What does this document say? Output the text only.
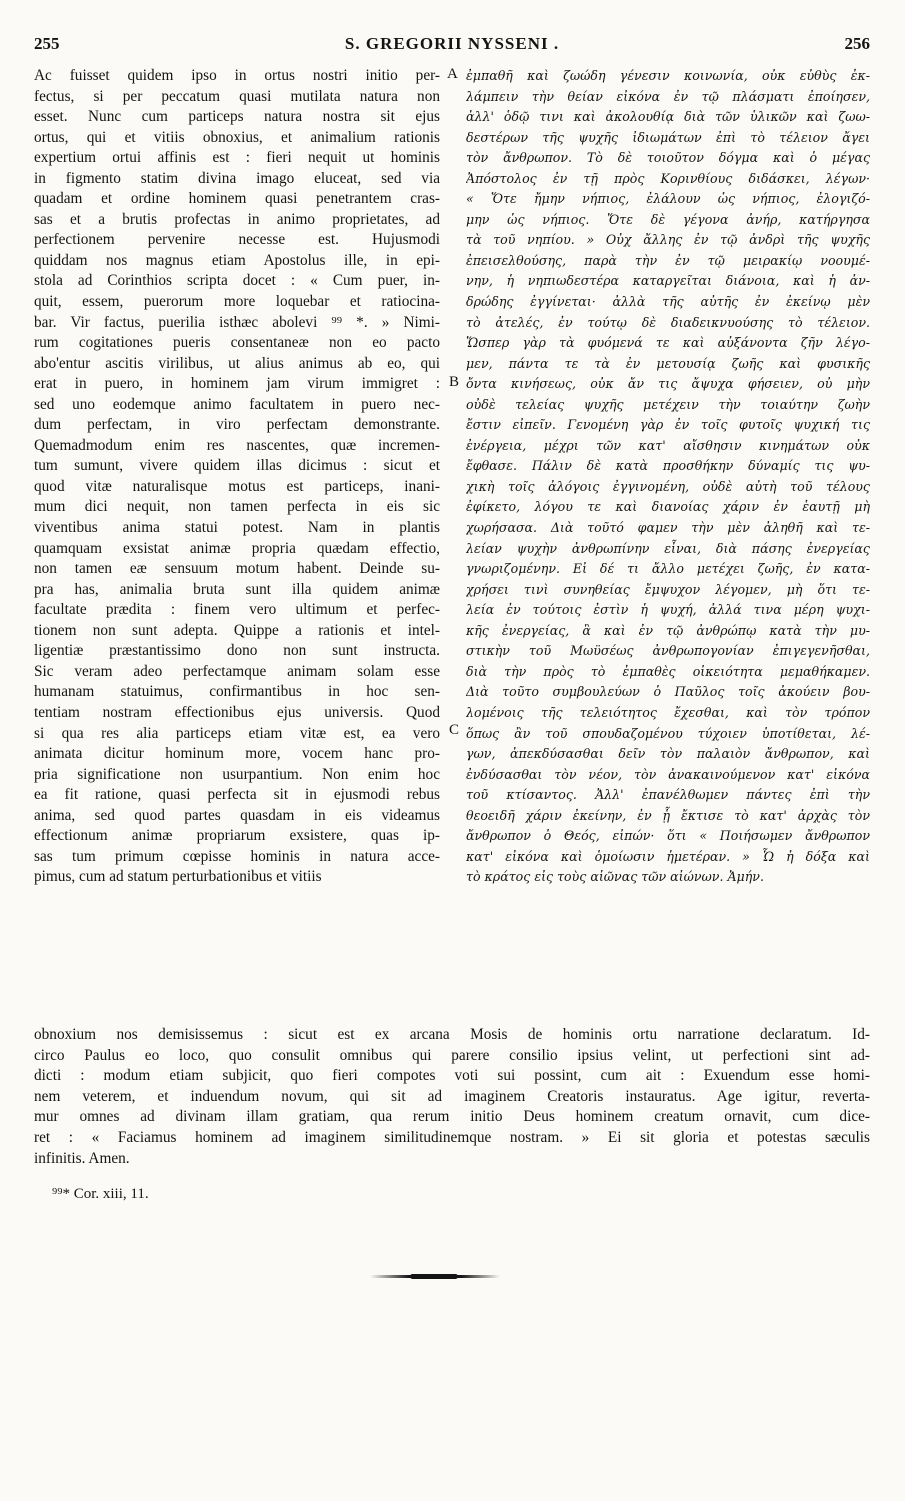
255	S. GREGORII NYSSENI .	256
Ac fuisset quidem ipso in ortus nostri initio per-
fectus, si per peccatum quasi mutilata natura non
esset. Nunc cum particeps natura nostra sit ejus
ortus, qui et vitiis obnoxius, et animalium rationis
expertium ortui affinis est : fieri nequit ut hominis
in figmento statim divina imago eluceat, sed via
quadam et ordine hominem quasi penetrantem cras-
sas et a brutis profectas in animo proprietates, ad
perfectionem pervenire necesse est. Hujusmodi
quiddam nos magnus etiam Apostolus ille, in epi-
stola ad Corinthios scripta docet : « Cum puer, in-
quit, essem, puerorum more loquebar et ratiocina-
bar. Vir factus, puerilia isthæc abolevi ⁹⁹ *. » Nimi-
rum cogitationes pueris consentaneæ non eo pacto
abo'entur ascitis virilibus, ut alius animus ab eo, qui
erat in puero, in hominem jam virum immigret :
sed uno eodemque animo facultatem in puero nec-
dum perfectam, in viro perfectam demonstrante.
Quemadmodum enim res nascentes, quæ incremen-
tum sumunt, vivere quidem illas dicimus : sicut et
quod vitæ naturalisque motus est particeps, inani-
mum dici nequit, non tamen perfecta in eis sic
viventibus anima statui potest. Nam in plantis
quamquam exsistat animæ propria quædam effectio,
non tamen eæ sensuum motum habent. Deinde su-
pra has, animalia bruta sunt illa quidem animæ
facultate prædita : finem vero ultimum et perfec-
tionem non sunt adepta. Quippe a rationis et intel-
ligentiæ præstantissimo dono non sunt instructa.
Sic veram adeo perfectamque animam solam esse
humanam statuimus, confirmantibus in hoc sen-
tentiam nostram effectionibus ejus universis. Quod
si qua res alia particeps etiam vitæ est, ea vero
animata dicitur hominum more, vocem hanc pro-
pria significatione non usurpantium. Non enim hoc
ea fit ratione, quasi perfecta sit in ejusmodi rebus
anima, sed quod partes quasdam in eis videamus
effectionum animæ propriarum exsistere, quas ip-
sas tum primum cœpisse hominis in natura acce-
pimus, cum ad statum perturbationibus et vitiis
A
B
C
ἐμπαθῆ καὶ ζωώδη γένεσιν κοινωνία, οὐκ εὐθὺς ἐκ-
λάμπειν τὴν θείαν εἰκόνα ἐν τῷ πλάσματι ἐποίησεν,
ἀλλ' ὁδῷ τινι καὶ ἀκολουθίᾳ διὰ τῶν ὑλικῶν καὶ ζωω-
δεστέρων τῆς ψυχῆς ἰδιωμάτων ἐπὶ τὸ τέλειον ἄγει
τὸν ἄνθρωπον. Τὸ δὲ τοιοῦτον δόγμα καὶ ὁ μέγας
Ἀπόστολος ἐν τῇ πρὸς Κορινθίους διδάσκει, λέγων·
« Ὅτε ἤμην νήπιος, ἐλάλουν ὡς νήπιος, ἐλογιζό-
μην ὡς νήπιος. Ὅτε δὲ γέγονα ἀνήρ, κατήργησα
τὰ τοῦ νηπίου. » Οὐχ ἄλλης ἐν τῷ ἀνδρὶ τῆς ψυχῆς
ἐπεισελθούσης, παρὰ τὴν ἐν τῷ μειρακίῳ νοουμέ-
νην, ἡ νηπιωδεστέρα καταργεῖται διάνοια, καὶ ἡ ἀν-
δρώδης ἐγγίνεται· ἀλλὰ τῆς αὐτῆς ἐν ἐκείνῳ μὲν
τὸ ἀτελές, ἐν τούτῳ δὲ διαδεικνυούσης τὸ τέλειον.
Ὥσπερ γὰρ τὰ φυόμενά τε καὶ αὐξάνοντα ζῆν λέγο-
μεν, πάντα τε τὰ ἐν μετουσίᾳ ζωῆς καὶ φυσικῆς
ὄντα κινήσεως, οὐκ ἄν τις ἄψυχα φήσειεν, οὐ μὴν
οὐδὲ τελείας ψυχῆς μετέχειν τὴν τοιαύτην ζωὴν
ἔστιν εἰπεῖν. Γενομένη γὰρ ἐν τοῖς φυτοῖς ψυχική τις
ἐνέργεια, μέχρι τῶν κατ' αἴσθησιν κινημάτων οὐκ
ἔφθασε. Πάλιν δὲ κατὰ προσθήκην δύναμίς τις ψυ-
χικὴ τοῖς ἀλόγοις ἐγγινομένη, οὐδὲ αὐτὴ τοῦ τέλους
ἐφίκετο, λόγου τε καὶ διανοίας χάριν ἐν ἑαυτῇ μὴ
χωρήσασα. Διὰ τοῦτό φαμεν τὴν μὲν ἀληθῆ καὶ τε-
λείαν ψυχὴν ἀνθρωπίνην εἶναι, διὰ πάσης ἐνεργείας
γνωριζομένην. Εἰ δέ τι ἄλλο μετέχει ζωῆς, ἐν κατα-
χρήσει τινὶ συνηθείας ἔμψυχον λέγομεν, μὴ ὅτι τε-
λεία ἐν τούτοις ἐστὶν ἡ ψυχή, ἀλλά τινα μέρη ψυχι-
κῆς ἐνεργείας, ἃ καὶ ἐν τῷ ἀνθρώπῳ κατὰ τὴν μυ-
στικὴν τοῦ Μωϋσέως ἀνθρωπογονίαν ἐπιγεγενῆσθαι,
διὰ τὴν πρὸς τὸ ἐμπαθὲς οἰκειότητα μεμαθήκαμεν.
Διὰ τοῦτο συμβουλεύων ὁ Παῦλος τοῖς ἀκούειν βου-
λομένοις τῆς τελειότητος ἔχεσθαι, καὶ τὸν τρόπον
ὅπως ἂν τοῦ σπουδαζομένου τύχοιεν ὑποτίθεται, λέ-
γων, ἀπεκδύσασθαι δεῖν τὸν παλαιὸν ἄνθρωπον, καὶ
ἐνδύσασθαι τὸν νέον, τὸν ἀνακαινούμενον κατ' εἰκόνα
τοῦ κτίσαντος. Ἀλλ' ἐπανέλθωμεν πάντες ἐπὶ τὴν
θεοειδῆ χάριν ἐκείνην, ἐν ᾗ ἔκτισε τὸ κατ' ἀρχὰς τὸν
ἄνθρωπον ὁ Θεός, εἰπών· ὅτι « Ποιήσωμεν ἄνθρωπον
κατ' εἰκόνα καὶ ὁμοίωσιν ἡμετέραν. » Ὧ ἡ δόξα καὶ
τὸ κράτος εἰς τοὺς αἰῶνας τῶν αἰώνων. Ἀμήν.
obnoxium nos demisissemus : sicut est ex arcana Mosis de hominis ortu narratione declaratum. Id-
circo Paulus eo loco, quo consulit omnibus qui parere consilio ipsius velint, ut perfectioni sint ad-
dicti : modum etiam subjicit, quo fieri compotes voti sui possint, cum ait : Exuendum esse homi-
nem veterem, et induendum novum, qui sit ad imaginem Creatoris instauratus. Age igitur, reverta-
mur omnes ad divinam illam gratiam, qua rerum initio Deus hominem creatum ornavit, cum dice-
ret : « Faciamus hominem ad imaginem similitudinemque nostram. » Ei sit gloria et potestas sæculis
infinitis. Amen.
⁹⁹* Cor. xiii, 11.
